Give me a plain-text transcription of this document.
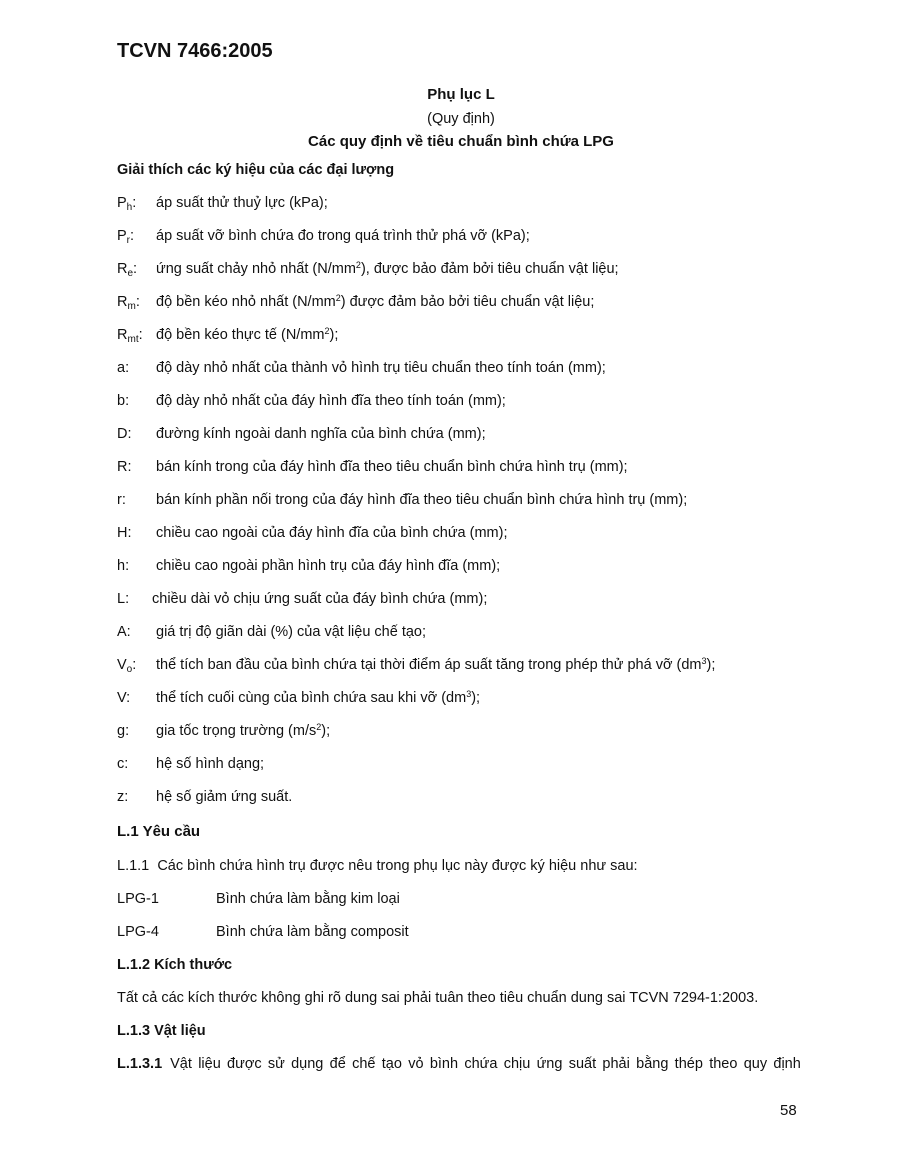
TCVN 7466:2005
Phụ lục L
(Quy định)
Các quy định về tiêu chuẩn bình chứa LPG
Giải thích các ký hiệu của các đại lượng
$P_h$: áp suất thử thuỷ lực (kPa);
$P_r$: áp suất vỡ bình chứa đo trong quá trình thử phá vỡ (kPa);
$R_e$: ứng suất chảy nhỏ nhất $(N/mm^2)$, được bảo đảm bởi tiêu chuẩn vật liệu;
$R_m$: độ bền kéo nhỏ nhất $(N/mm^2)$ được đảm bảo bởi tiêu chuẩn vật liệu;
$R_{mt}$: độ bền kéo thực tế $(N/mm^2)$;
a: độ dày nhỏ nhất của thành vỏ hình trụ tiêu chuẩn theo tính toán (mm);
b: độ dày nhỏ nhất của đáy hình đĩa theo tính toán (mm);
D: đường kính ngoài danh nghĩa của bình chứa (mm);
R: bán kính trong của đáy hình đĩa theo tiêu chuẩn bình chứa hình trụ (mm);
r: bán kính phần nối trong của đáy hình đĩa theo tiêu chuẩn bình chứa hình trụ (mm);
H: chiều cao ngoài của đáy hình đĩa của bình chứa (mm);
h: chiều cao ngoài phần hình trụ của đáy hình đĩa (mm);
L: chiều dài vỏ chịu ứng suất của đáy bình chứa (mm);
A: giá trị độ giãn dài (%) của vật liệu chế tạo;
$V_o$: thể tích ban đầu của bình chứa tại thời điểm áp suất tăng trong phép thử phá vỡ $(dm^3)$;
V: thể tích cuối cùng của bình chứa sau khi vỡ $(dm^3)$;
g: gia tốc trọng trường $(m/s^2)$;
c: hệ số hình dạng;
z: hệ số giảm ứng suất.
L.1 Yêu cầu
L.1.1 Các bình chứa hình trụ được nêu trong phụ lục này được ký hiệu như sau:
LPG-1	Bình chứa làm bằng kim loại
LPG-4	Bình chứa làm bằng composit
L.1.2 Kích thước
Tất cả các kích thước không ghi rõ dung sai phải tuân theo tiêu chuẩn dung sai TCVN 7294-1:2003.
L.1.3 Vật liệu
L.1.3.1 Vật liệu được sử dụng để chế tạo vỏ bình chứa chịu ứng suất phải bằng thép theo quy định
58
